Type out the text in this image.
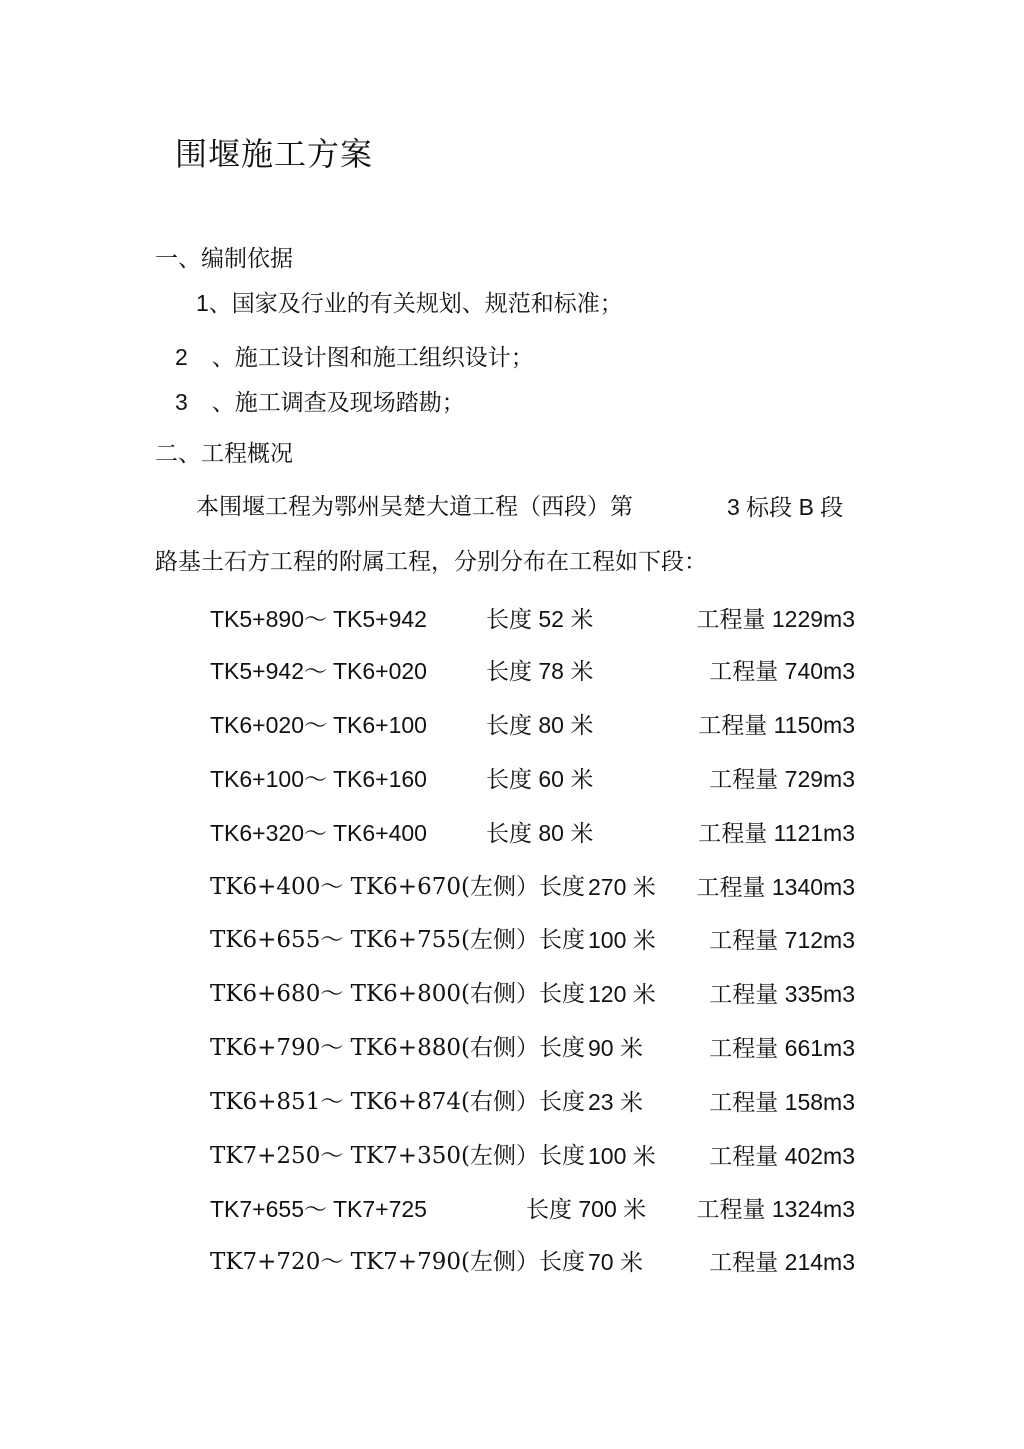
围堰施工方案
一、编制依据
1、国家及行业的有关规划、规范和标准；
2 、施工设计图和施工组织设计；
3 、施工调查及现场踏勘；
二、工程概况
本围堰工程为鄂州吴楚大道工程（西段）第	3 标段 B 段
路基土石方工程的附属工程，分别分布在工程如下段：
TK5+890～ TK5+942	长度 52 米	工程量 1229m3
TK5+942～ TK6+020	长度 78 米	工程量 740m3
TK6+020～ TK6+100	长度 80 米	工程量 1150m3
TK6+100～ TK6+160	长度 60 米	工程量 729m3
TK6+320～ TK6+400	长度 80 米	工程量 1121m3
TK6+400～ TK6+670(左侧）长度 270 米 工程量 1340m3
TK6+655～ TK6+755(左侧）长度 100 米 工程量 712m3
TK6+680～ TK6+800(右侧）长度 120 米 工程量 335m3
TK6+790～ TK6+880(右侧）长度 90 米	工程量 661m3
TK6+851～ TK6+874(右侧）长度 23 米	工程量 158m3
TK7+250～ TK7+350(左侧）长度 100 米 工程量 402m3
TK7+655～ TK7+725	长度 700 米 工程量 1324m3
TK7+720～ TK7+790(左侧）长度 70 米	工程量 214m3
